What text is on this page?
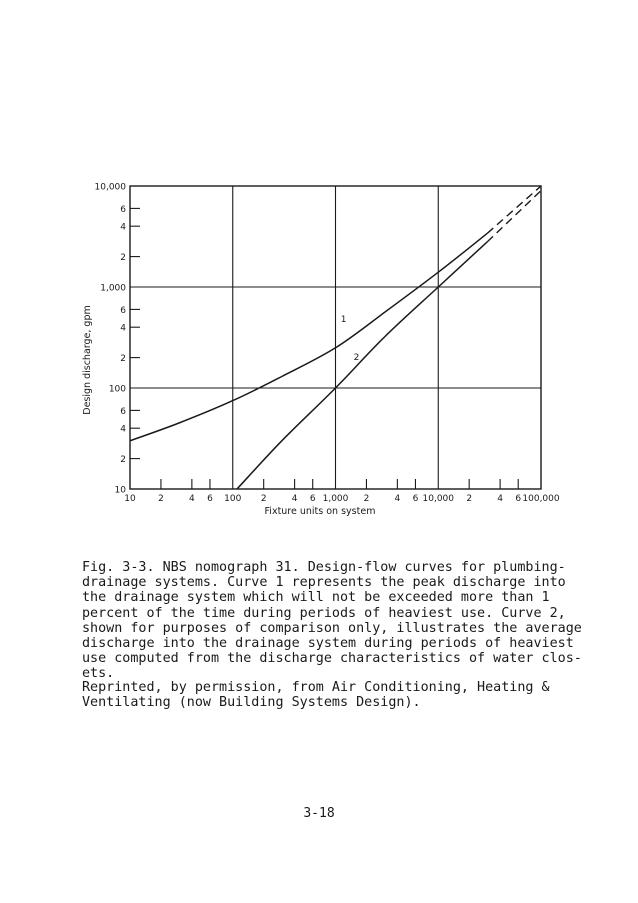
10 2	4 6 100 2	4 6 1,000 2	4 6 10,000 2	4 6 100,000
10
2
4
6
100
2
4
6
1,000
2
4
6
10,000
1
2
Fixture units on system
Design discharge, gpm

Fig. 3-3. NBS nomograph 31. Design-flow curves for plumbing-drainage systems. Curve 1 represents the peak discharge into the drainage system which will not be exceeded more than 1 percent of the time during periods of heaviest use. Curve 2, shown for purposes of comparison only, illustrates the average discharge into the drainage system during periods of heaviest use computed from the discharge characteristics of water clos-ets.

Reprinted, by permission, from Air Conditioning, Heating & Ventilating (now Building Systems Design).

3-18
